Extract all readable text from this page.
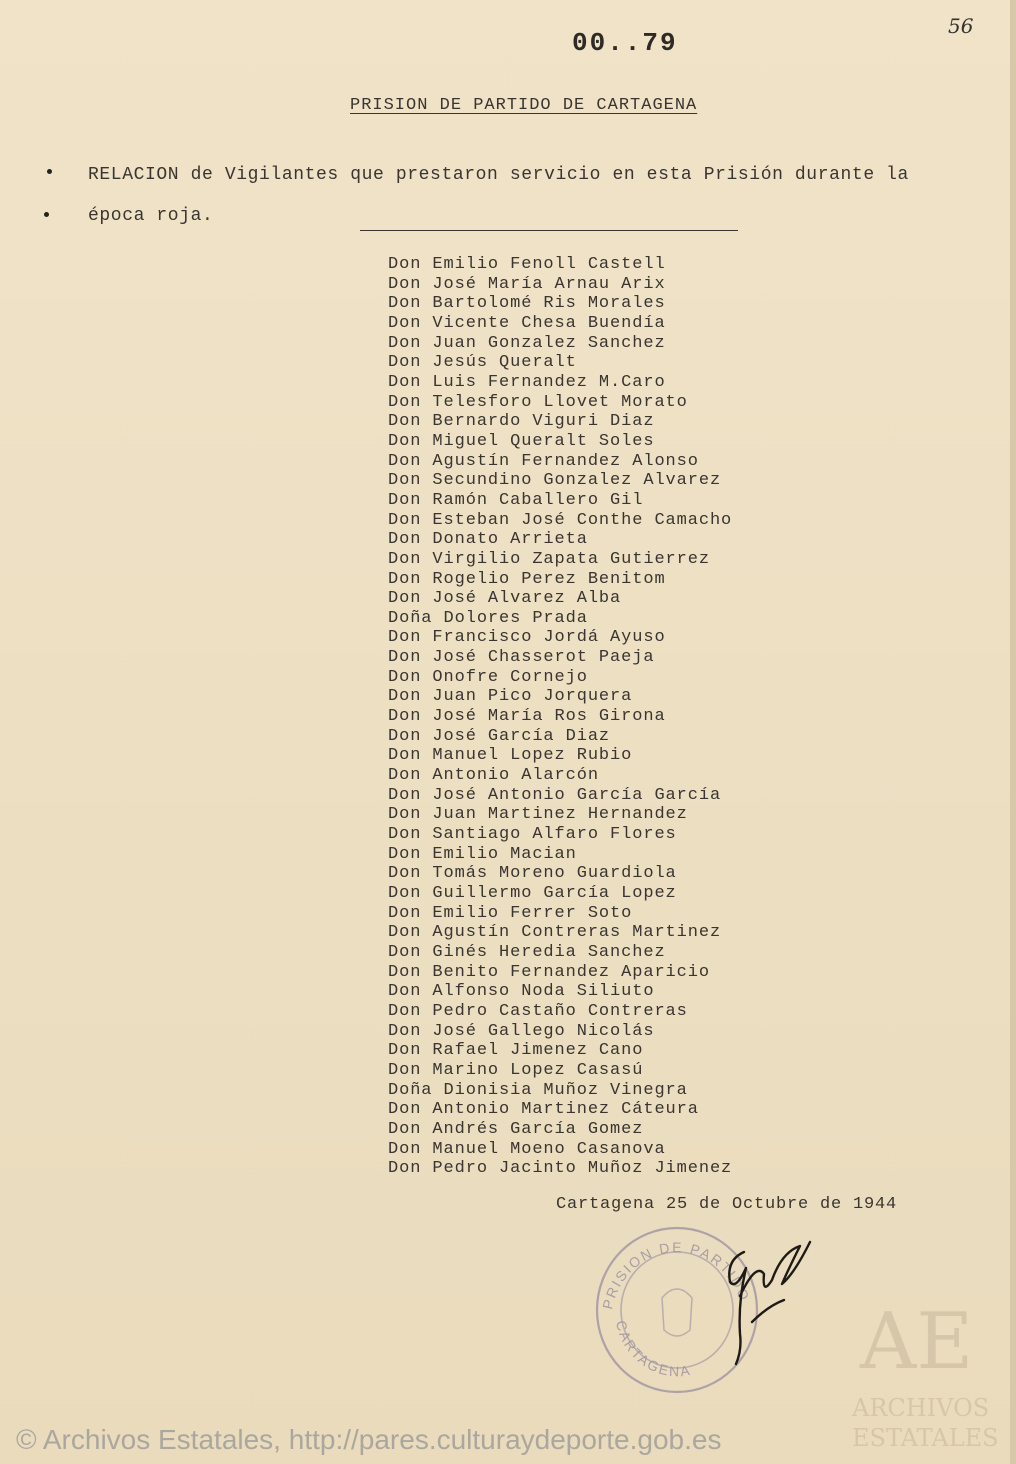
00..79
56
PRISION DE PARTIDO DE CARTAGENA
RELACION de Vigilantes que prestaron servicio en esta Prisión durante la
época roja.
Don Emilio Fenoll Castell
Don José María Arnau Arix
Don Bartolomé Ris Morales
Don Vicente Chesa Buendía
Don Juan Gonzalez Sanchez
Don Jesús Queralt
Don Luis Fernandez M.Caro
Don Telesforo Llovet Morato
Don Bernardo Viguri Diaz
Don Miguel Queralt Soles
Don Agustín Fernandez Alonso
Don Secundino Gonzalez Alvarez
Don Ramón Caballero Gil
Don Esteban José Conthe Camacho
Don Donato Arrieta
Don Virgilio Zapata Gutierrez
Don Rogelio Perez Benitom
Don José Alvarez Alba
Doña Dolores Prada
Don Francisco Jordá Ayuso
Don José Chasserot Paeja
Don Onofre Cornejo
Don Juan Pico Jorquera
Don José María Ros Girona
Don José García Diaz
Don Manuel Lopez Rubio
Don Antonio Alarcón
Don José Antonio García García
Don Juan Martinez Hernandez
Don Santiago Alfaro Flores
Don Emilio Macian
Don Tomás Moreno Guardiola
Don Guillermo García Lopez
Don Emilio Ferrer Soto
Don Agustín Contreras Martinez
Don Ginés Heredia Sanchez
Don Benito Fernandez Aparicio
Don Alfonso Noda Siliuto
Don Pedro Castaño Contreras
Don José Gallego Nicolás
Don Rafael Jimenez Cano
Don Marino Lopez Casasú
Doña Dionisia Muñoz Vinegra
Don Antonio Martinez Cáteura
Don Andrés García Gomez
Don Manuel Moeno Casanova
Don Pedro Jacinto Muñoz Jimenez
Cartagena 25 de Octubre de 1944
PRISION DE PARTIDO
CARTAGENA AE
ARCHIVOS
ESTATALES
© Archivos Estatales, http://pares.culturaydeporte.gob.es
